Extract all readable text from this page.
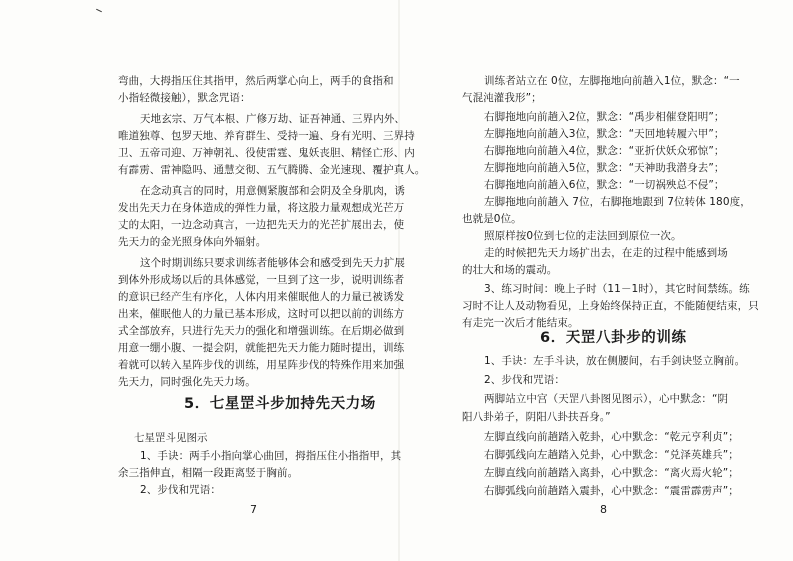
弯曲，大拇指压住其指甲，然后两掌心向上，两手的食指和
小指轻微接触），默念咒语：
天地玄宗、万气本根、广修万劫、证吾神通、三界内外、
唯道独尊、包罗天地、养育群生、受持一遍、身有光明、三界持
卫、五帝司迎、万神朝礼、役使雷霆、鬼妖丧胆、精怪亡形、内
有霹雳、雷神隐吗、通慧交彻、五气腾腾、金光速现、覆护真人。
在念动真言的同时，用意侧紧腹部和会阴及全身肌肉，诱
发出先天力在身体造成的弹性力量，将这股力量观想成光芒万
丈的太阳，一边念动真言，一边把先天力的光芒扩展出去，使
先天力的金光照身体向外辐射。
这个时期训练只要求训练者能够体会和感受到先天力扩展
到体外形成场以后的具体感觉，一旦到了这一步，说明训练者
的意识已经产生有序化，人体内用来催眠他人的力量已被诱发
出来，催眠他人的力量已基本形成，这时可以把以前的训练方
式全部放弃，只进行先天力的强化和增强训练。在后期必做到
用意一绷小腹、一提会阴，就能把先天力能力随时提出，训练
着就可以转入星阵步伐的训练，用星阵步伐的特殊作用来加强
先天力，同时强化先天力场。
5．七星罡斗步加持先天力场
七星罡斗见图示
1、手诀：两手小指向掌心曲回，拇指压住小指指甲，其
余三指伸直，相隔一段距离竖于胸前。
2、步伐和咒语：
7
训练者站立在 0位，左脚拖地向前趟入1位，默念：“一
气混沌灌我形”；
右脚拖地向前趟入2位，默念：“禹步相催登阳明”；
左脚拖地向前趟入3位，默念：“天回地转履六甲”；
右脚拖地向前趟入4位，默念：“亚折伏妖众邪惊”；
左脚拖地向前趟入5位，默念：“天神助我潜身去”；
右脚拖地向前趟入6位，默念：“一切祸殃总不侵”；
左脚拖地向前趟入 7位，右脚拖地跟到 7位转体 180度，
也就是0位。
照原样按0位到七位的走法回到原位一次。
走的时候把先天力场扩出去，在走的过程中能感到场
的壮大和场的震动。
3、练习时间：晚上子时（11－1时），其它时间禁练。练
习时不让人及动物看见，上身始终保持正直，不能随便结束，只
有走完一次后才能结束。
6．天罡八卦步的训练
1、手诀：左手斗诀，放在侧腰间，右手剑诀竖立胸前。
2、步伐和咒语：
两脚站立中宫（天罡八卦图见图示），心中默念：“阴
阳八卦弟子，阴阳八卦扶吾身。”
左脚直线向前趟踏入乾卦，心中默念：“乾元亨利贞”；
右脚弧线向左趟踏入兑卦，心中默念：“兑泽英雄兵”；
左脚直线向前趟踏入离卦，心中默念：“离火焉火轮”；
右脚弧线向前趟踏入震卦，心中默念：“震雷霹雳声”；
8
